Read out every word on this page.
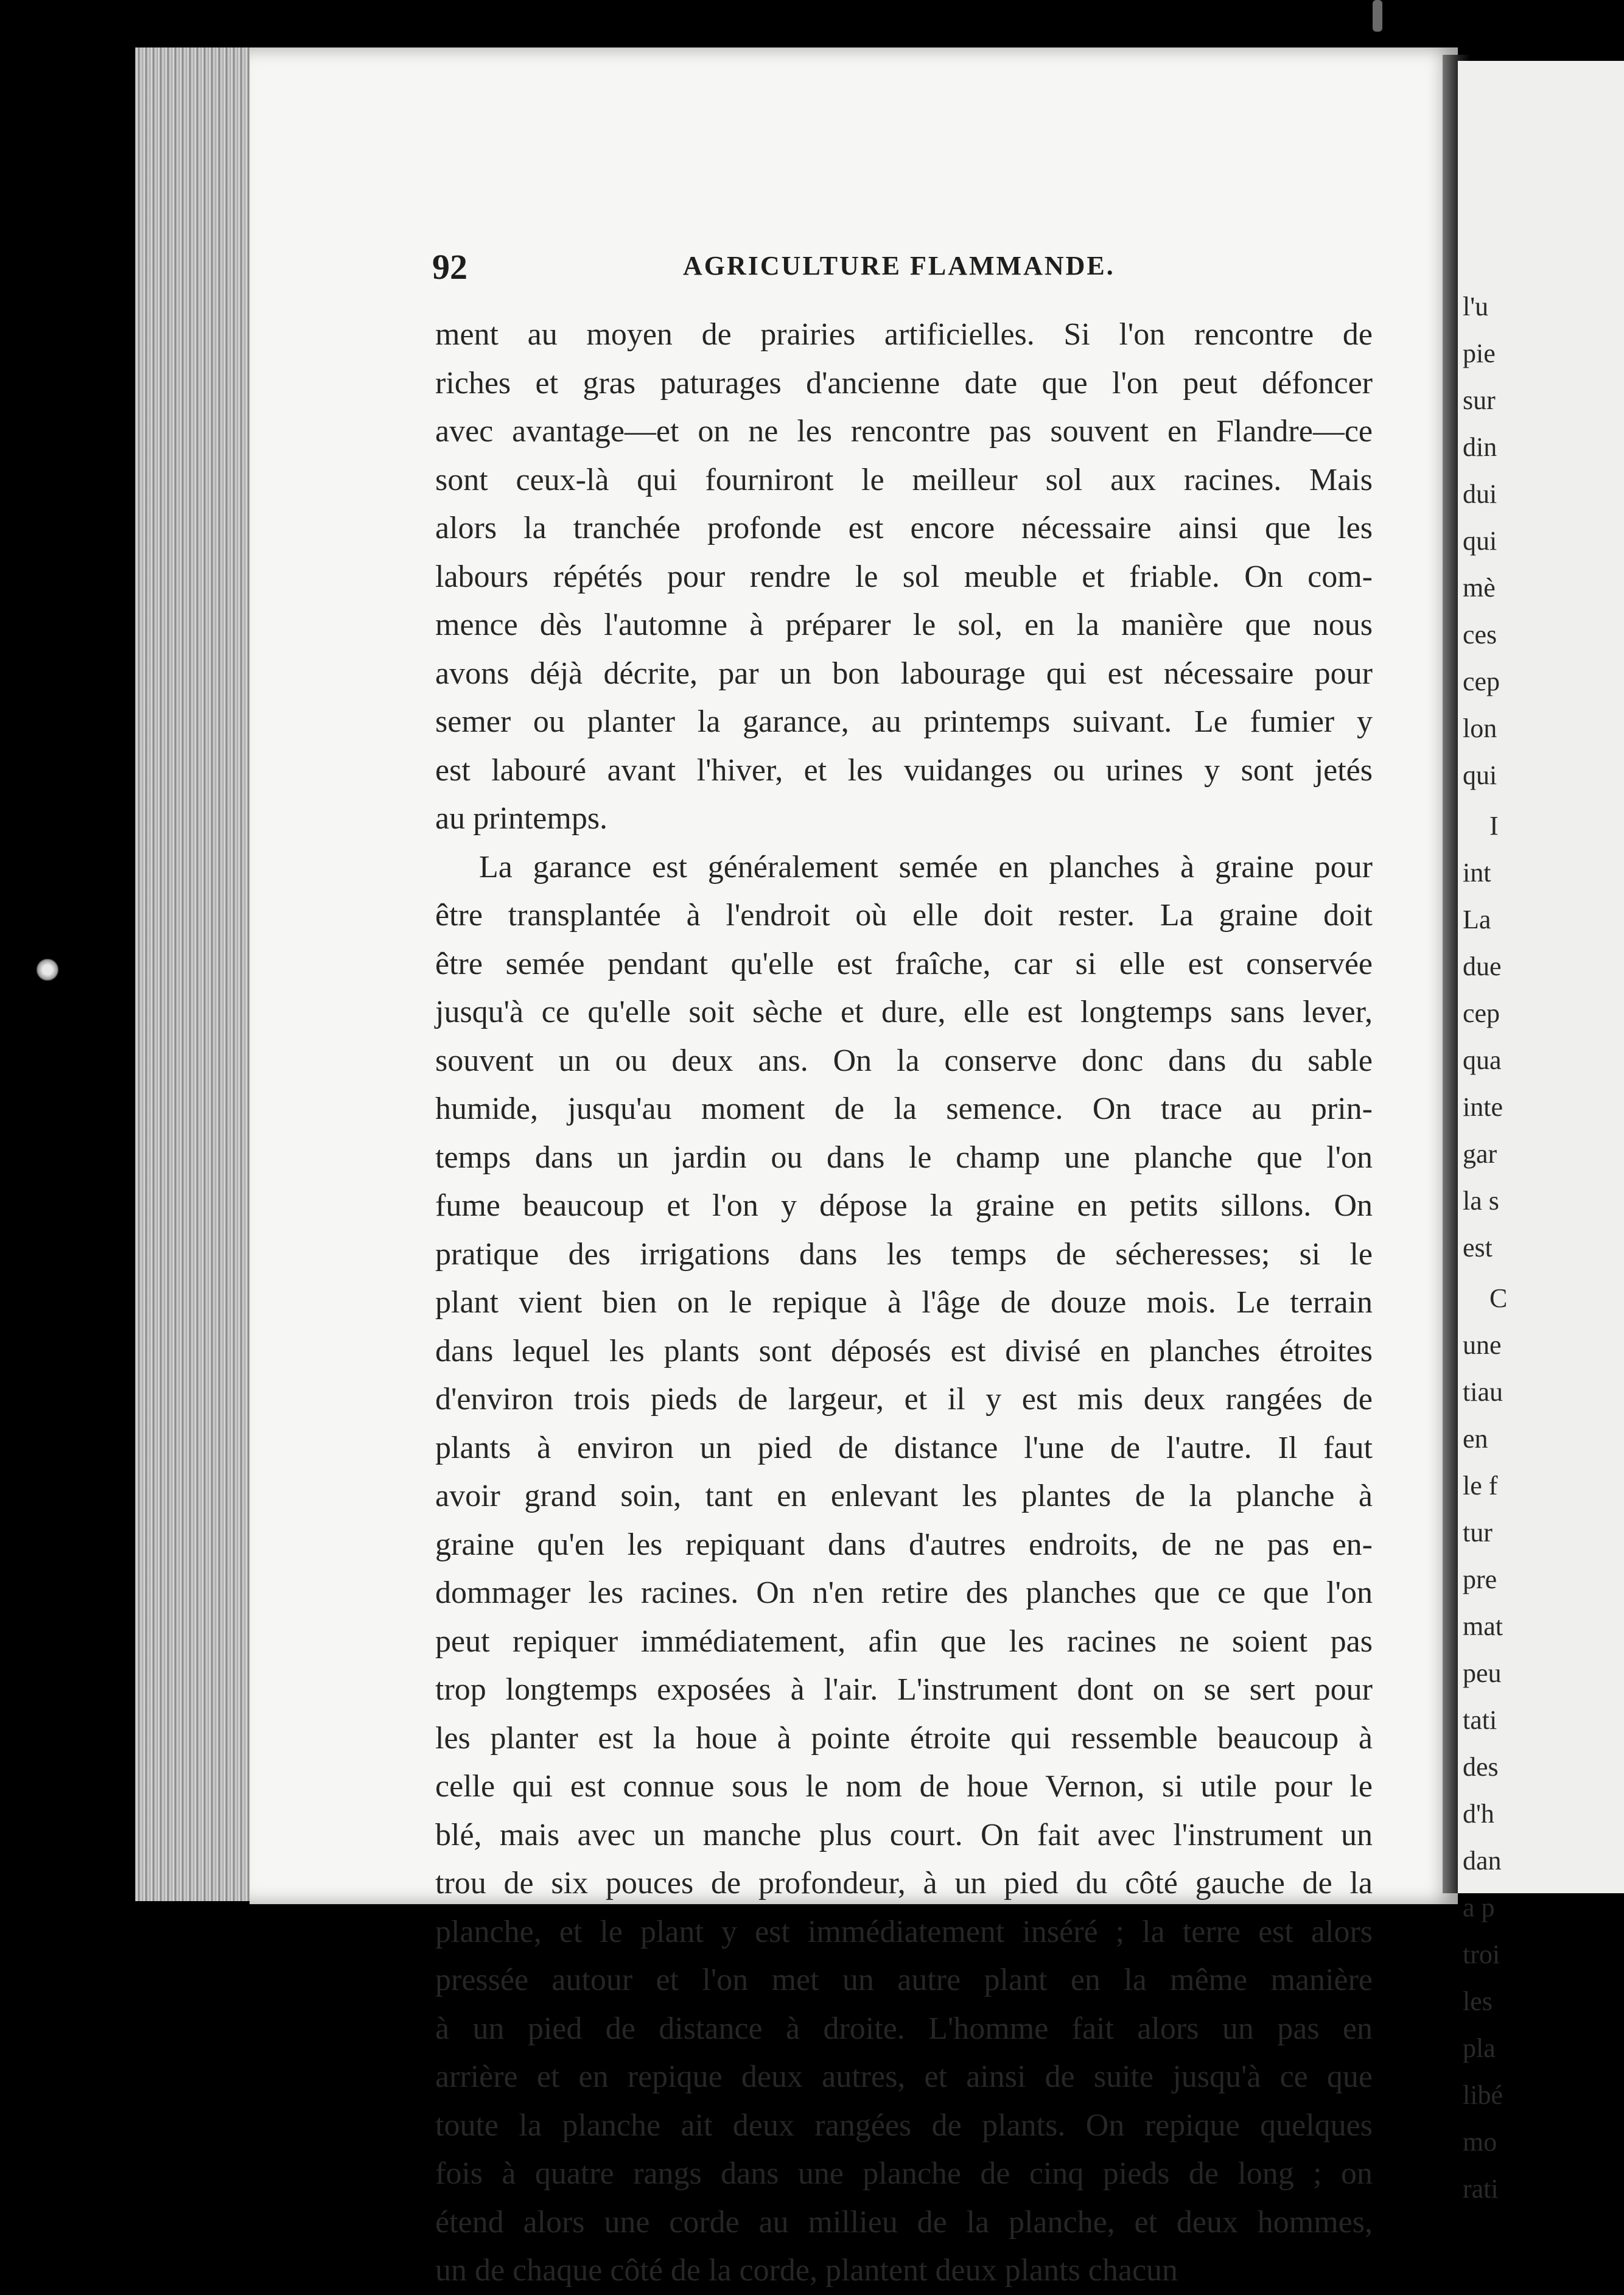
l'u
pie
sur
din
dui
qui
mè
ces
cep
lon
qui
I
int
La
due
cep
qua
inte
gar
la s
est
C
une
tiau
en
le f
tur
pre
mat
peu
tati
des
d'h
dan
a p
troi
les
pla
libé
mo
rati
92	AGRICULTURE FLAMMANDE.
ment au moyen de prairies artificielles. Si l'on rencontre de
riches et gras paturages d'ancienne date que l'on peut défoncer
avec avantage—et on ne les rencontre pas souvent en Flandre—ce
sont ceux-là qui fourniront le meilleur sol aux racines. Mais
alors la tranchée profonde est encore nécessaire ainsi que les
labours répétés pour rendre le sol meuble et friable. On com-
mence dès l'automne à préparer le sol, en la manière que nous
avons déjà décrite, par un bon labourage qui est nécessaire pour
semer ou planter la garance, au printemps suivant. Le fumier y
est labouré avant l'hiver, et les vuidanges ou urines y sont jetés
au printemps.
La garance est généralement semée en planches à graine pour
être transplantée à l'endroit où elle doit rester. La graine doit
être semée pendant qu'elle est fraîche, car si elle est conservée
jusqu'à ce qu'elle soit sèche et dure, elle est longtemps sans lever,
souvent un ou deux ans. On la conserve donc dans du sable
humide, jusqu'au moment de la semence. On trace au prin-
temps dans un jardin ou dans le champ une planche que l'on
fume beaucoup et l'on y dépose la graine en petits sillons. On
pratique des irrigations dans les temps de sécheresses; si le
plant vient bien on le repique à l'âge de douze mois. Le terrain
dans lequel les plants sont déposés est divisé en planches étroites
d'environ trois pieds de largeur, et il y est mis deux rangées de
plants à environ un pied de distance l'une de l'autre. Il faut
avoir grand soin, tant en enlevant les plantes de la planche à
graine qu'en les repiquant dans d'autres endroits, de ne pas en-
dommager les racines. On n'en retire des planches que ce que l'on
peut repiquer immédiatement, afin que les racines ne soient pas
trop longtemps exposées à l'air. L'instrument dont on se sert pour
les planter est la houe à pointe étroite qui ressemble beaucoup à
celle qui est connue sous le nom de houe Vernon, si utile pour le
blé, mais avec un manche plus court. On fait avec l'instrument un
trou de six pouces de profondeur, à un pied du côté gauche de la
planche, et le plant y est immédiatement inséré ; la terre est alors
pressée autour et l'on met un autre plant en la même manière
à un pied de distance à droite. L'homme fait alors un pas en
arrière et en repique deux autres, et ainsi de suite jusqu'à ce que
toute la planche ait deux rangées de plants. On repique quelques
fois à quatre rangs dans une planche de cinq pieds de long ; on
étend alors une corde au millieu de la planche, et deux hommes,
un de chaque côté de la corde, plantent deux plants chacun
